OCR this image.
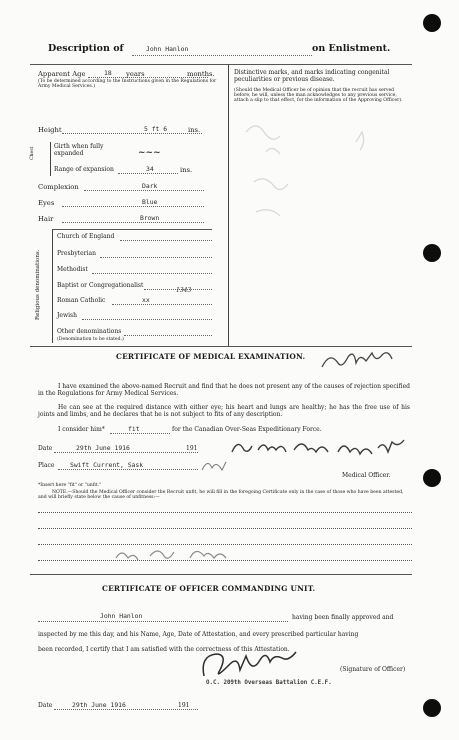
Description of	John Hanlon	on Enlistment.
Apparent Age	18 years	months.
(To be determined according to the Instructions given in the Regulations for Army Medical Services.)
Height	5 ft 6	ins.
Chest
Girth when fully expanded	~~~
Range of expansion	34	ins.
Complexion	Dark
Eyes	Blue
Hair	Brown
Religious denominations.
Church of England
Presbyterian
Methodist
Baptist or Congregationalist
Roman Catholic	xx
1343
Jewish
Other denominations
(Denomination to be stated.)
Distinctive marks, and marks indicating congenital peculiarities or previous disease.
(Should the Medical Officer be of opinion that the recruit has served before, he will, unless the man acknowledges to any previous service, attach a slip to that effect, for the information of the Approving Officer).
CERTIFICATE OF MEDICAL EXAMINATION.
I have examined the above-named Recruit and find that he does not present any of the causes of rejection specified in the Regulations for Army Medical Services.
He can see at the required distance with either eye; his heart and lungs are healthy; he has the free use of his joints and limbs, and he declares that he is not subject to fits of any description.
I consider him*	fit	for the Canadian Over-Seas Expeditionary Force.
Date	29th June 1916	191
Place Swift Current, Sask
Medical Officer.
*Insert here "fit" or "unfit."
NOTE.—Should the Medical Officer consider the Recruit unfit, he will fill in the foregoing Certificate only in the case of those who have been attested, and will briefly state below the cause of unfitness:—
CERTIFICATE OF OFFICER COMMANDING UNIT.
John Hanlon	having been finally approved and
inspected by me this day, and his Name, Age, Date of Attestation, and every prescribed particular having
been recorded, I certify that I am satisfied with the correctness of this Attestation.
(Signature of Officer)
O.C. 209th Overseas Battalion C.E.F.
Date	29th June 1916	191
